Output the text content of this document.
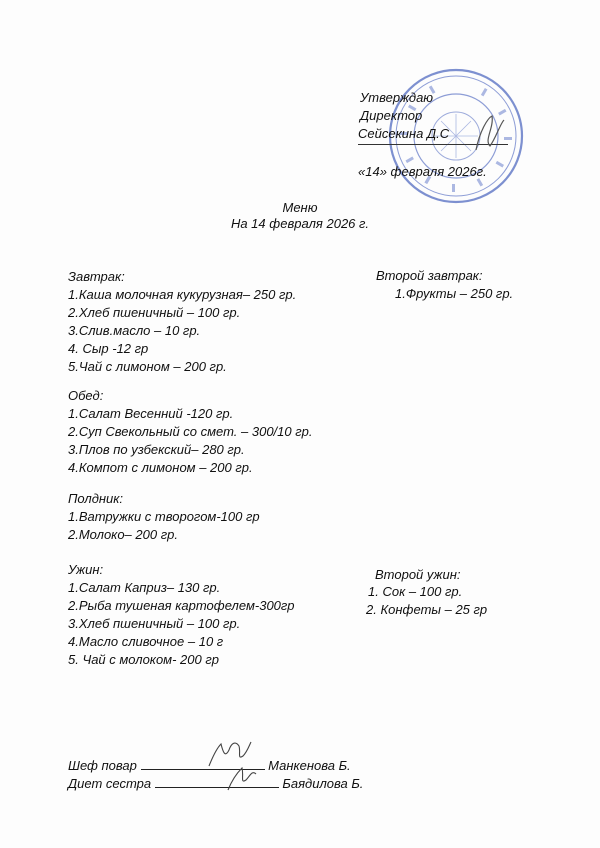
Утверждаю
Директор
Сейсекина Д.С
«14» февраля 2026г.
Меню
На 14 февраля 2026 г.
Завтрак:
1.Каша молочная кукурузная– 250 гр.
2.Хлеб пшеничный – 100 гр.
3.Слив.масло – 10 гр.
4. Сыр -12 гр
5.Чай с лимоном – 200 гр.
Второй завтрак:
1.Фрукты – 250 гр.
Обед:
1.Салат Весенний -120 гр.
2.Суп Свекольный со смет. – 300/10 гр.
3.Плов по узбекский– 280 гр.
4.Компот с лимоном – 200 гр.
Полдник:
1.Ватружки с творогом-100 гр
2.Молоко– 200 гр.
Ужин:
1.Салат Каприз– 130 гр.
2.Рыба тушеная картофелем-300гр
3.Хлеб пшеничный – 100 гр.
4.Масло сливочное – 10 г
5. Чай с молоком- 200 гр
Второй ужин:
1. Сок – 100 гр.
2. Конфеты – 25 гр
Шеф повар	Манкенова Б.
Диет сестра	Баядилова Б.
